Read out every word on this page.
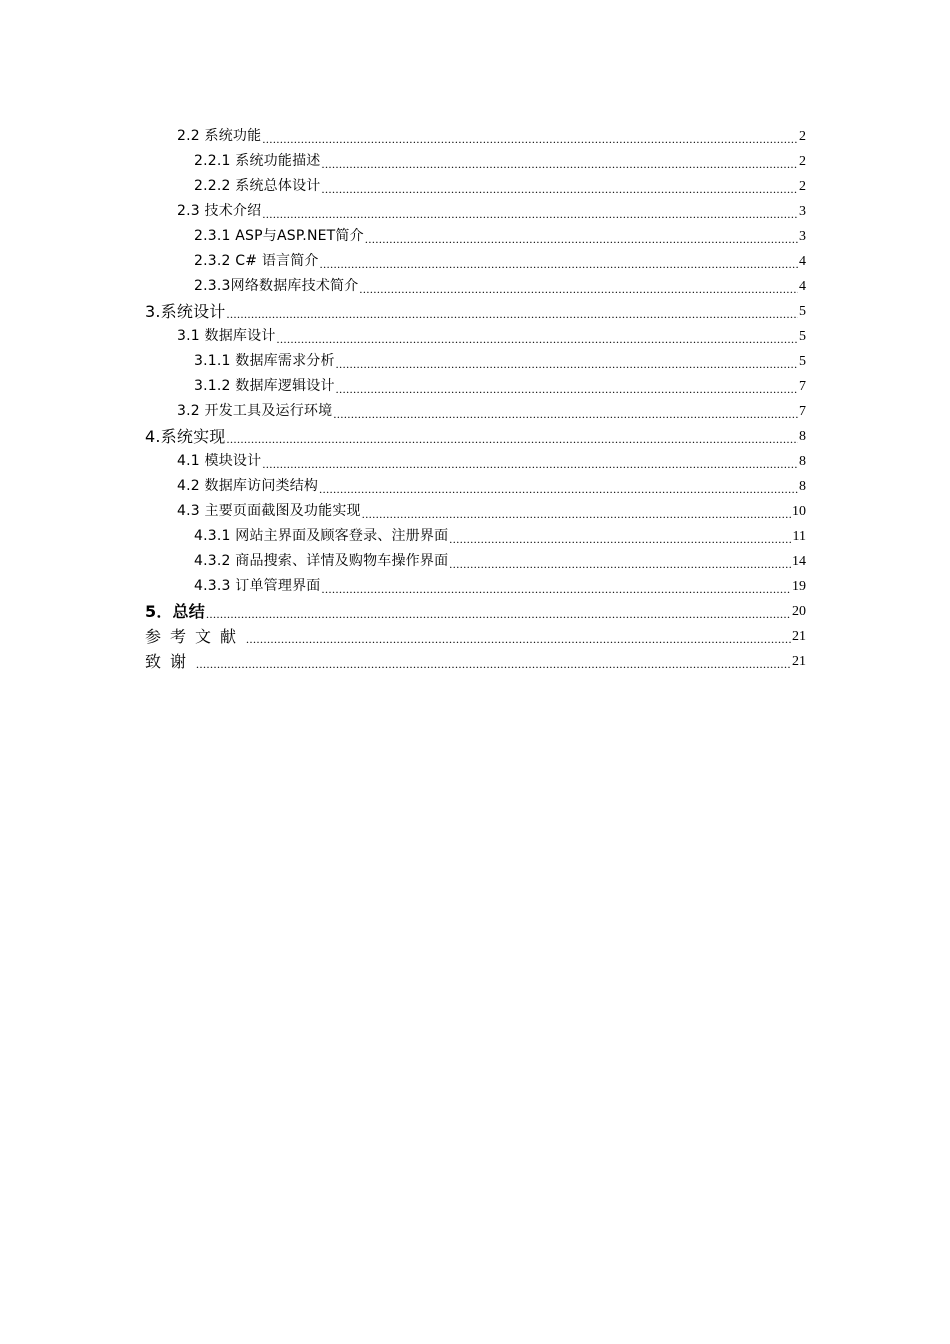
2.2 系统功能 .....	2
2.2.1 系统功能描述 .....	2
2.2.2 系统总体设计 .....	2
2.3 技术介绍 .....	3
2.3.1 ASP与ASP.NET简介 .....	3
2.3.2 C# 语言简介 .....	4
2.3.3网络数据库技术简介 .....	4
3.系统设计 .....	5
3.1 数据库设计 .....	5
3.1.1 数据库需求分析 .....	5
3.1.2 数据库逻辑设计 .....	7
3.2 开发工具及运行环境 .....	7
4.系统实现 .....	8
4.1 模块设计 .....	8
4.2 数据库访问类结构 .....	8
4.3 主要页面截图及功能实现 .....	10
4.3.1 网站主界面及顾客登录、注册界面 .....	11
4.3.2 商品搜索、详情及购物车操作界面 .....	14
4.3.3 订单管理界面 .....	19
5．总结 .....	20
参考文献 .....	21
致谢 .....	21
